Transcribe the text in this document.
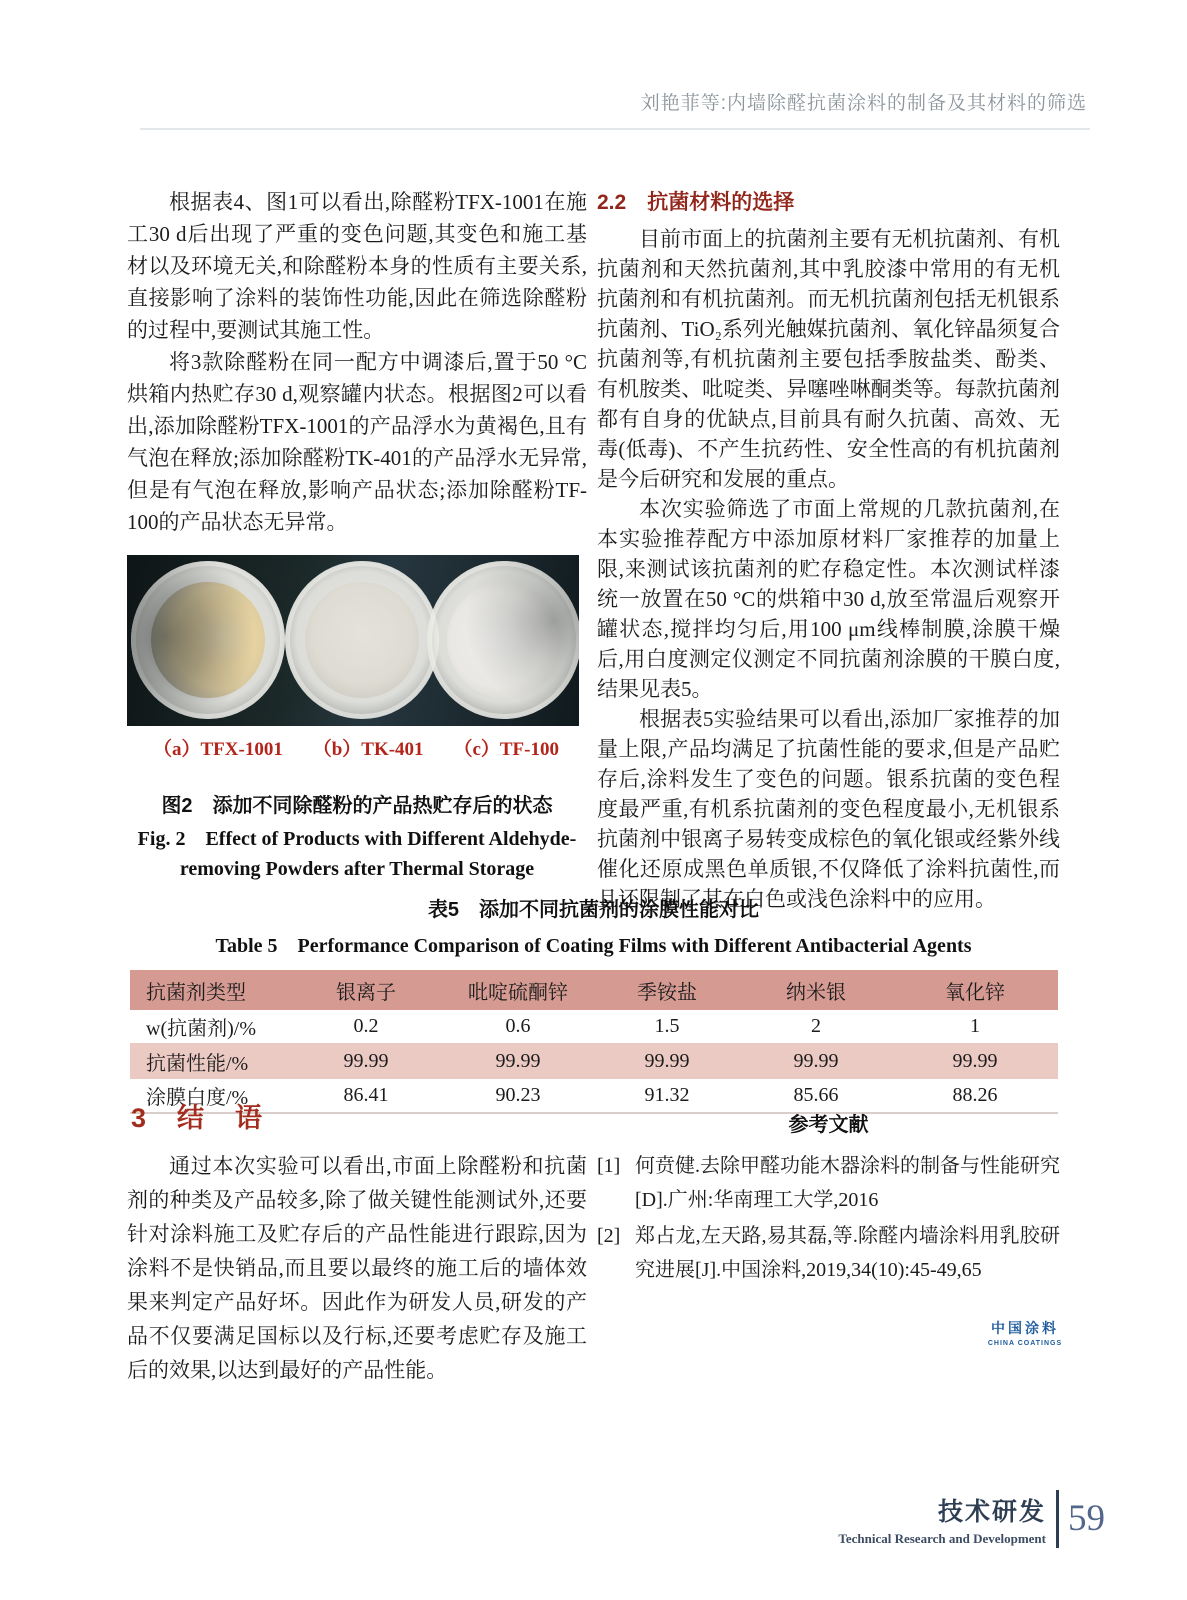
刘艳菲等:内墙除醛抗菌涂料的制备及其材料的筛选

根据表4、图1可以看出,除醛粉TFX-1001在施工30 d后出现了严重的变色问题,其变色和施工基材以及环境无关,和除醛粉本身的性质有主要关系,直接影响了涂料的装饰性功能,因此在筛选除醛粉的过程中,要测试其施工性。

将3款除醛粉在同一配方中调漆后,置于50 °C烘箱内热贮存30 d,观察罐内状态。根据图2可以看出,添加除醛粉TFX-1001的产品浮水为黄褐色,且有气泡在释放;添加除醛粉TK-401的产品浮水无异常,但是有气泡在释放,影响产品状态;添加除醛粉TF-100的产品状态无异常。

（a）TFX-1001 （b）TK-401 （c）TF-100
图2　添加不同除醛粉的产品热贮存后的状态
Fig. 2　Effect of Products with Different Aldehyde-
removing Powders after Thermal Storage
2.2　抗菌材料的选择

目前市面上的抗菌剂主要有无机抗菌剂、有机抗菌剂和天然抗菌剂,其中乳胶漆中常用的有无机抗菌剂和有机抗菌剂。而无机抗菌剂包括无机银系抗菌剂、TiO₂系列光触媒抗菌剂、氧化锌晶须复合抗菌剂等,有机抗菌剂主要包括季胺盐类、酚类、有机胺类、吡啶类、异噻唑啉酮类等。每款抗菌剂都有自身的优缺点,目前具有耐久抗菌、高效、无毒(低毒)、不产生抗药性、安全性高的有机抗菌剂是今后研究和发展的重点。

本次实验筛选了市面上常规的几款抗菌剂,在本实验推荐配方中添加原材料厂家推荐的加量上限,来测试该抗菌剂的贮存稳定性。本次测试样漆统一放置在50 °C的烘箱中30 d,放至常温后观察开罐状态,搅拌均匀后,用100 μm线棒制膜,涂膜干燥后,用白度测定仪测定不同抗菌剂涂膜的干膜白度,结果见表5。

根据表5实验结果可以看出,添加厂家推荐的加量上限,产品均满足了抗菌性能的要求,但是产品贮存后,涂料发生了变色的问题。银系抗菌的变色程度最严重,有机系抗菌剂的变色程度最小,无机银系抗菌剂中银离子易转变成棕色的氧化银或经紫外线催化还原成黑色单质银,不仅降低了涂料抗菌性,而且还限制了其在白色或浅色涂料中的应用。

表5　添加不同抗菌剂的涂膜性能对比
Table 5　Performance Comparison of Coating Films with Different Antibacterial Agents
抗菌剂类型	银离子	吡啶硫酮锌	季铵盐	纳米银	氧化锌
w(抗菌剂)/%	0.2	0.6	1.5	2	1
抗菌性能/%	99.99	99.99	99.99	99.99	99.99
涂膜白度/%	86.41	90.23	91.32	85.66	88.26
3　结　语

通过本次实验可以看出,市面上除醛粉和抗菌剂的种类及产品较多,除了做关键性能测试外,还要针对涂料施工及贮存后的产品性能进行跟踪,因为涂料不是快销品,而且要以最终的施工后的墙体效果来判定产品好坏。因此作为研发人员,研发的产品不仅要满足国标以及行标,还要考虑贮存及施工后的效果,以达到最好的产品性能。

参考文献
[1] 何贲健.去除甲醛功能木器涂料的制备与性能研究[D].广州:华南理工大学,2016
[2] 郑占龙,左天路,易其磊,等.除醛内墙涂料用乳胶研究进展[J].中国涂料,2019,34(10):45-49,65
中国涂料
CHINA COATINGS
技术研发
Technical Research and Development 59
